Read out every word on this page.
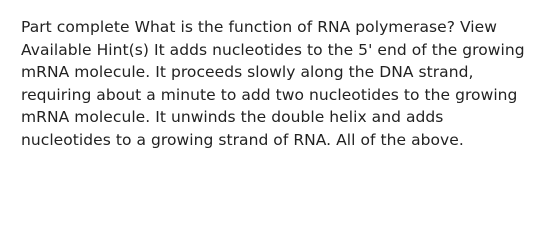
Part complete What is the function of RNA polymerase? View Available Hint(s) It adds nucleotides to the 5' end of the growing mRNA molecule. It proceeds slowly along the DNA strand, requiring about a minute to add two nucleotides to the growing mRNA molecule. It unwinds the double helix and adds nucleotides to a growing strand of RNA. All of the above.
